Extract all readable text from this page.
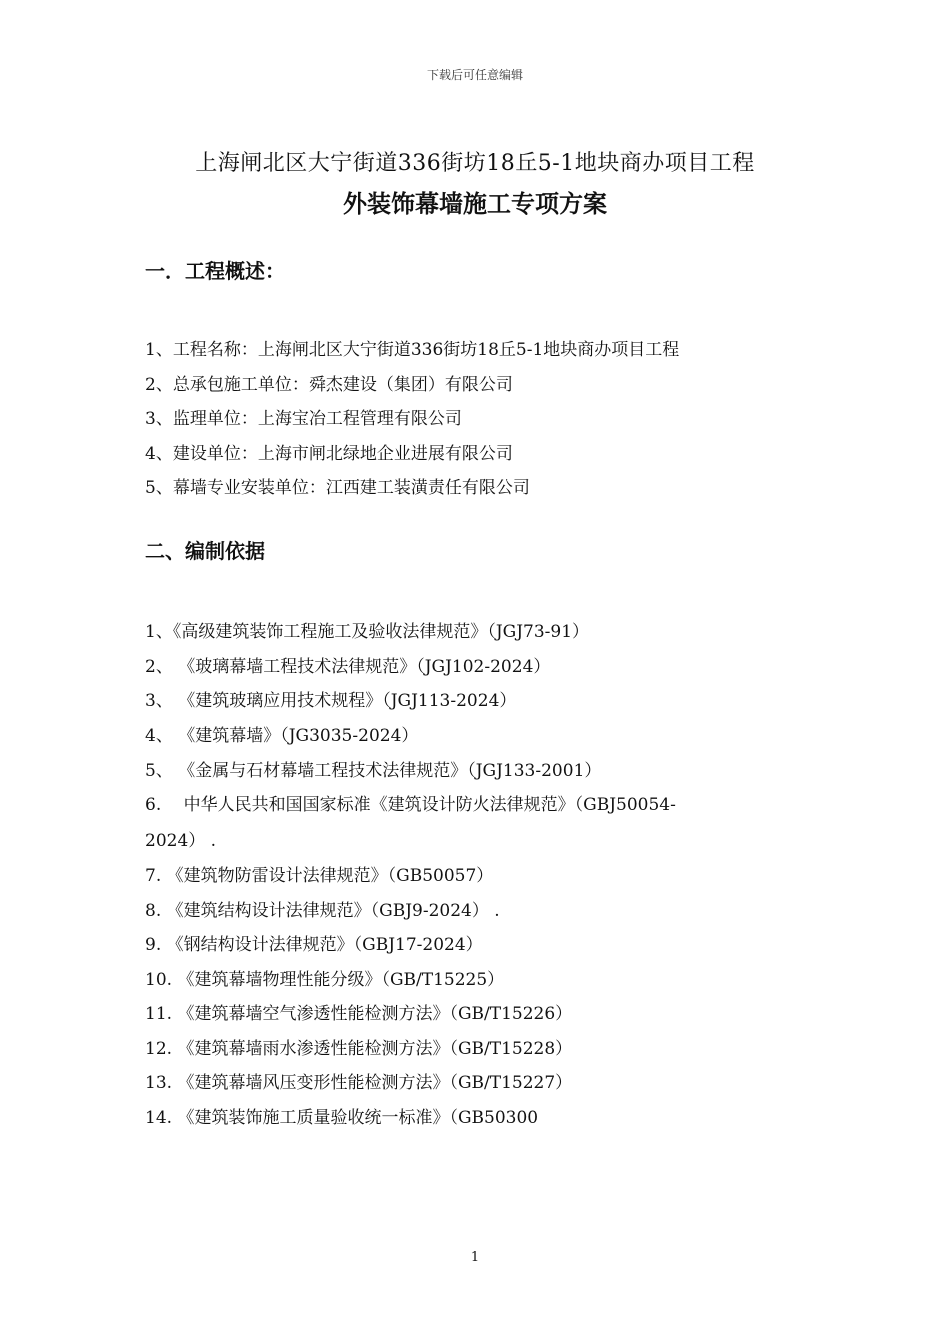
下载后可任意编辑
上海闸北区大宁街道336街坊18丘5-1地块商办项目工程
外装饰幕墙施工专项方案
一．工程概述：
1、工程名称：上海闸北区大宁街道336街坊18丘5-1地块商办项目工程
2、总承包施工单位：舜杰建设（集团）有限公司
3、监理单位：上海宝冶工程管理有限公司
4、建设单位：上海市闸北绿地企业进展有限公司
5、幕墙专业安装单位：江西建工装潢责任有限公司
二、编制依据
1、《高级建筑装饰工程施工及验收法律规范》（JGJ73-91）
2、 《玻璃幕墙工程技术法律规范》（JGJ102-2024）
3、 《建筑玻璃应用技术规程》（JGJ113-2024）
4、 《建筑幕墙》（JG3035-2024）
5、 《金属与石材幕墙工程技术法律规范》（JGJ133-2001）
6.　 中华人民共和国国家标准《建筑设计防火法律规范》（GBJ50054-
2024） .
7. 《建筑物防雷设计法律规范》（GB50057）
8. 《建筑结构设计法律规范》（GBJ9-2024） .
9. 《钢结构设计法律规范》（GBJ17-2024）
10. 《建筑幕墙物理性能分级》（GB/T15225）
11. 《建筑幕墙空气渗透性能检测方法》（GB/T15226）
12. 《建筑幕墙雨水渗透性能检测方法》（GB/T15228）
13. 《建筑幕墙风压变形性能检测方法》（GB/T15227）
14. 《建筑装饰施工质量验收统一标准》（GB50300
1
